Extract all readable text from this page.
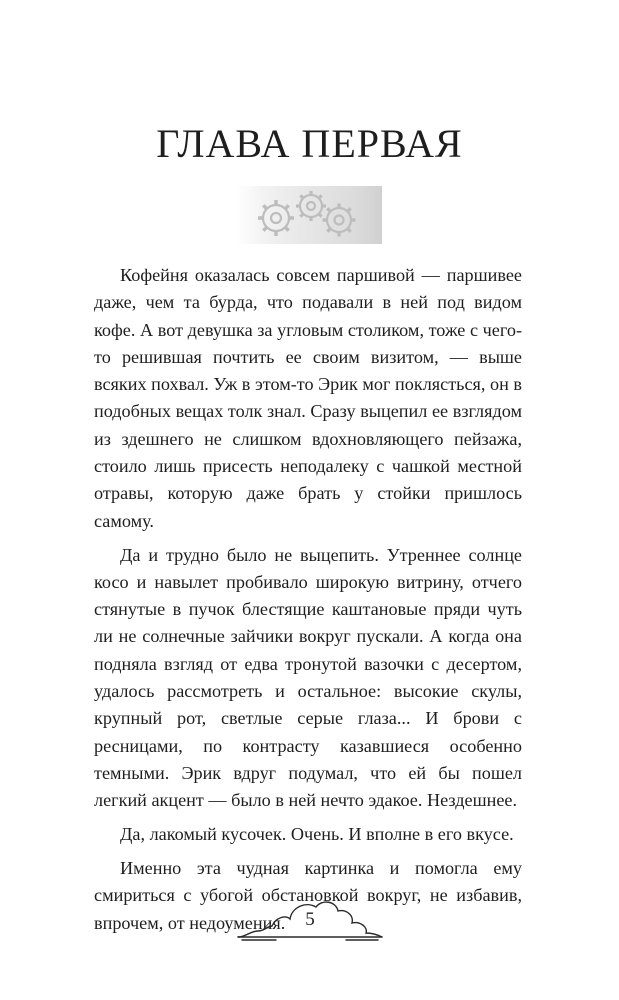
ГЛАВА ПЕРВАЯ

Кофейня оказалась совсем паршивой — паршивее даже, чем та бурда, что подавали в ней под видом кофе. А вот девушка за угловым столиком, тоже с чего-то решившая почтить ее своим визитом, — выше всяких похвал. Уж в этом-то Эрик мог поклясться, он в подобных вещах толк знал. Сразу выцепил ее взглядом из здешнего не слишком вдохновляющего пейзажа, стоило лишь присесть неподалеку с чашкой местной отравы, которую даже брать у стойки пришлось самому.

Да и трудно было не выцепить. Утреннее солнце косо и навылет пробивало широкую витрину, отчего стянутые в пучок блестящие каштановые пряди чуть ли не солнечные зайчики вокруг пускали. А когда она подняла взгляд от едва тронутой вазочки с десертом, удалось рассмотреть и остальное: высокие скулы, крупный рот, светлые серые глаза... И брови с ресницами, по контрасту казавшиеся особенно темными. Эрик вдруг подумал, что ей бы пошел легкий акцент — было в ней нечто эдакое. Нездешнее.

Да, лакомый кусочек. Очень. И вполне в его вкусе.

Именно эта чудная картинка и помогла ему смириться с убогой обстановкой вокруг, не избавив, впрочем, от недоумения.	5
